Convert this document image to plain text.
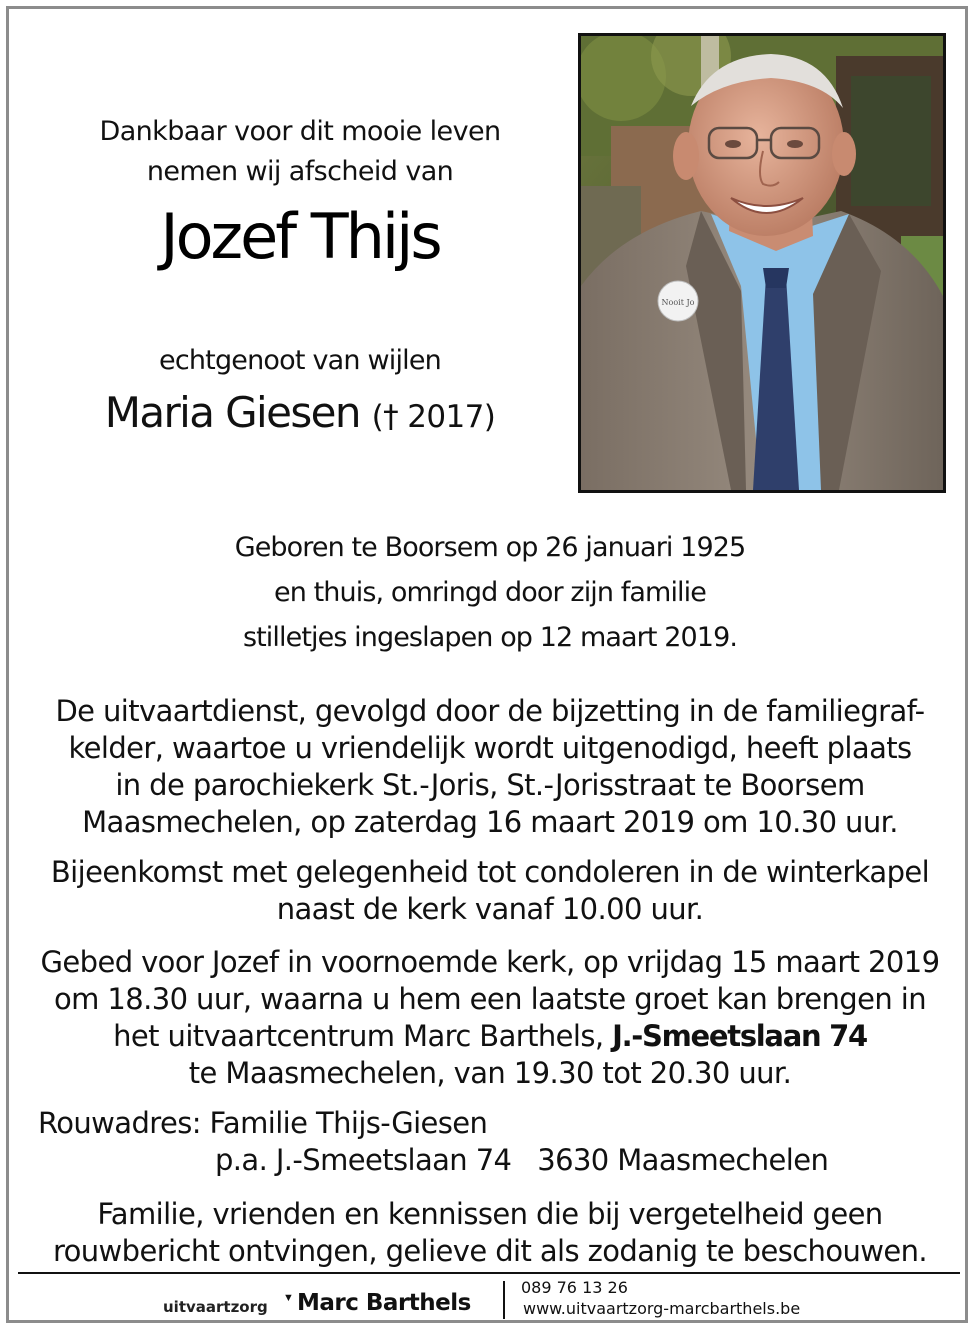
Dankbaar voor dit mooie leven
nemen wij afscheid van
Jozef Thijs
echtgenoot van wijlen
Maria Giesen († 2017)
Nooit Jo
Geboren te Boorsem op 26 januari 1925
en thuis, omringd door zijn familie
stilletjes ingeslapen op 12 maart 2019.
De uitvaartdienst, gevolgd door de bijzetting in de familiegraf-
kelder, waartoe u vriendelijk wordt uitgenodigd, heeft plaats
in de parochiekerk St.-Joris, St.-Jorisstraat te Boorsem
Maasmechelen, op zaterdag 16 maart 2019 om 10.30 uur.
Bijeenkomst met gelegenheid tot condoleren in de winterkapel
naast de kerk vanaf 10.00 uur.
Gebed voor Jozef in voornoemde kerk, op vrijdag 15 maart 2019
om 18.30 uur, waarna u hem een laatste groet kan brengen in
het uitvaartcentrum Marc Barthels, J.-Smeetslaan 74
te Maasmechelen, van 19.30 tot 20.30 uur.
Rouwadres: Familie Thijs-Giesen
p.a. J.-Smeetslaan 74   3630 Maasmechelen
Familie, vrienden en kennissen die bij vergetelheid geen
rouwbericht ontvingen, gelieve dit als zodanig te beschouwen.
uitvaartzorg ▼ Marc Barthels
089 76 13 26
www.uitvaartzorg-marcbarthels.be
